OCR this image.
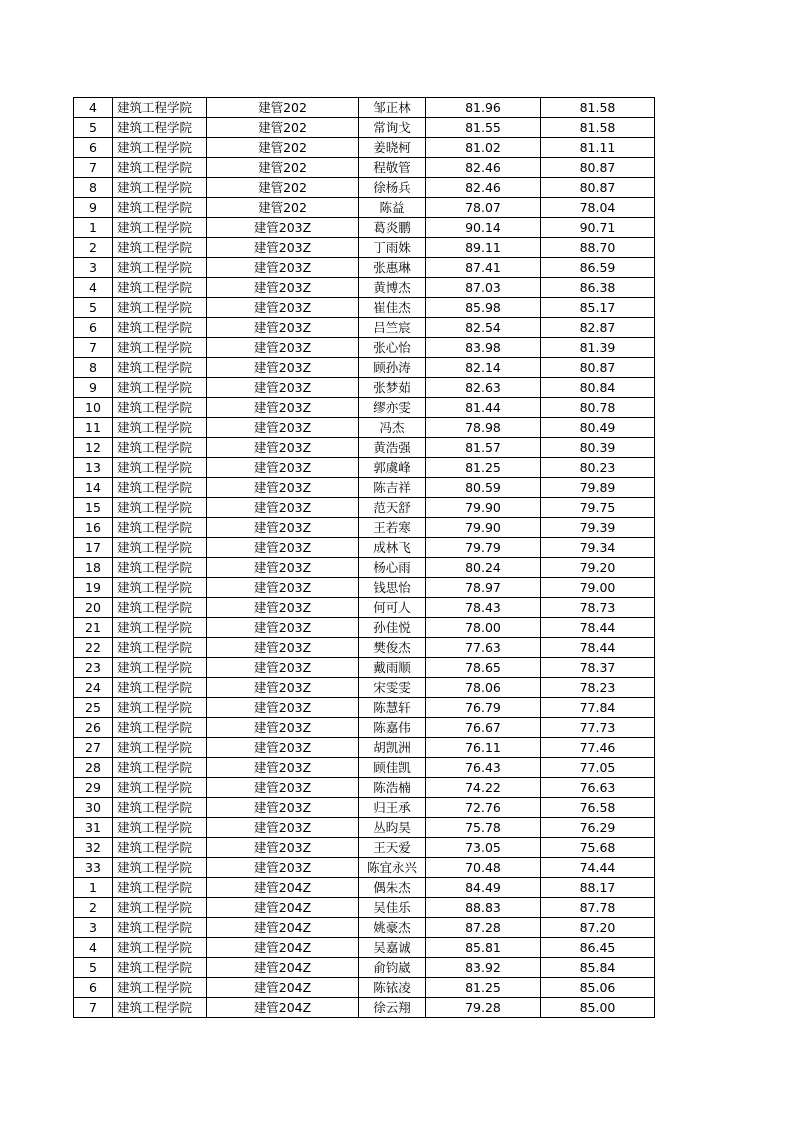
4	建筑工程学院	建管202	邹正林	81.96	81.58
5	建筑工程学院	建管202	常询戈	81.55	81.58
6	建筑工程学院	建管202	姜晓柯	81.02	81.11
7	建筑工程学院	建管202	程敬管	82.46	80.87
8	建筑工程学院	建管202	徐杨兵	82.46	80.87
9	建筑工程学院	建管202	陈益	78.07	78.04
1	建筑工程学院	建管203Z	葛炎鹏	90.14	90.71
2	建筑工程学院	建管203Z	丁雨姝	89.11	88.70
3	建筑工程学院	建管203Z	张惠琳	87.41	86.59
4	建筑工程学院	建管203Z	黄博杰	87.03	86.38
5	建筑工程学院	建管203Z	崔佳杰	85.98	85.17
6	建筑工程学院	建管203Z	吕竺宸	82.54	82.87
7	建筑工程学院	建管203Z	张心怡	83.98	81.39
8	建筑工程学院	建管203Z	顾孙涛	82.14	80.87
9	建筑工程学院	建管203Z	张梦茹	82.63	80.84
10	建筑工程学院	建管203Z	缪亦雯	81.44	80.78
11	建筑工程学院	建管203Z	冯杰	78.98	80.49
12	建筑工程学院	建管203Z	黄浩强	81.57	80.39
13	建筑工程学院	建管203Z	郭虞峰	81.25	80.23
14	建筑工程学院	建管203Z	陈吉祥	80.59	79.89
15	建筑工程学院	建管203Z	范天舒	79.90	79.75
16	建筑工程学院	建管203Z	王若寒	79.90	79.39
17	建筑工程学院	建管203Z	成林飞	79.79	79.34
18	建筑工程学院	建管203Z	杨心雨	80.24	79.20
19	建筑工程学院	建管203Z	钱思怡	78.97	79.00
20	建筑工程学院	建管203Z	何可人	78.43	78.73
21	建筑工程学院	建管203Z	孙佳悦	78.00	78.44
22	建筑工程学院	建管203Z	樊俊杰	77.63	78.44
23	建筑工程学院	建管203Z	戴雨顺	78.65	78.37
24	建筑工程学院	建管203Z	宋雯雯	78.06	78.23
25	建筑工程学院	建管203Z	陈慧轩	76.79	77.84
26	建筑工程学院	建管203Z	陈嘉伟	76.67	77.73
27	建筑工程学院	建管203Z	胡凯洲	76.11	77.46
28	建筑工程学院	建管203Z	顾佳凯	76.43	77.05
29	建筑工程学院	建管203Z	陈浩楠	74.22	76.63
30	建筑工程学院	建管203Z	归王承	72.76	76.58
31	建筑工程学院	建管203Z	丛昀昊	75.78	76.29
32	建筑工程学院	建管203Z	王天爱	73.05	75.68
33	建筑工程学院	建管203Z	陈宜永兴	70.48	74.44
1	建筑工程学院	建管204Z	偶朱杰	84.49	88.17
2	建筑工程学院	建管204Z	吴佳乐	88.83	87.78
3	建筑工程学院	建管204Z	姚豪杰	87.28	87.20
4	建筑工程学院	建管204Z	吴嘉诚	85.81	86.45
5	建筑工程学院	建管204Z	俞钧崴	83.92	85.84
6	建筑工程学院	建管204Z	陈铱凌	81.25	85.06
7	建筑工程学院	建管204Z	徐云翔	79.28	85.00
